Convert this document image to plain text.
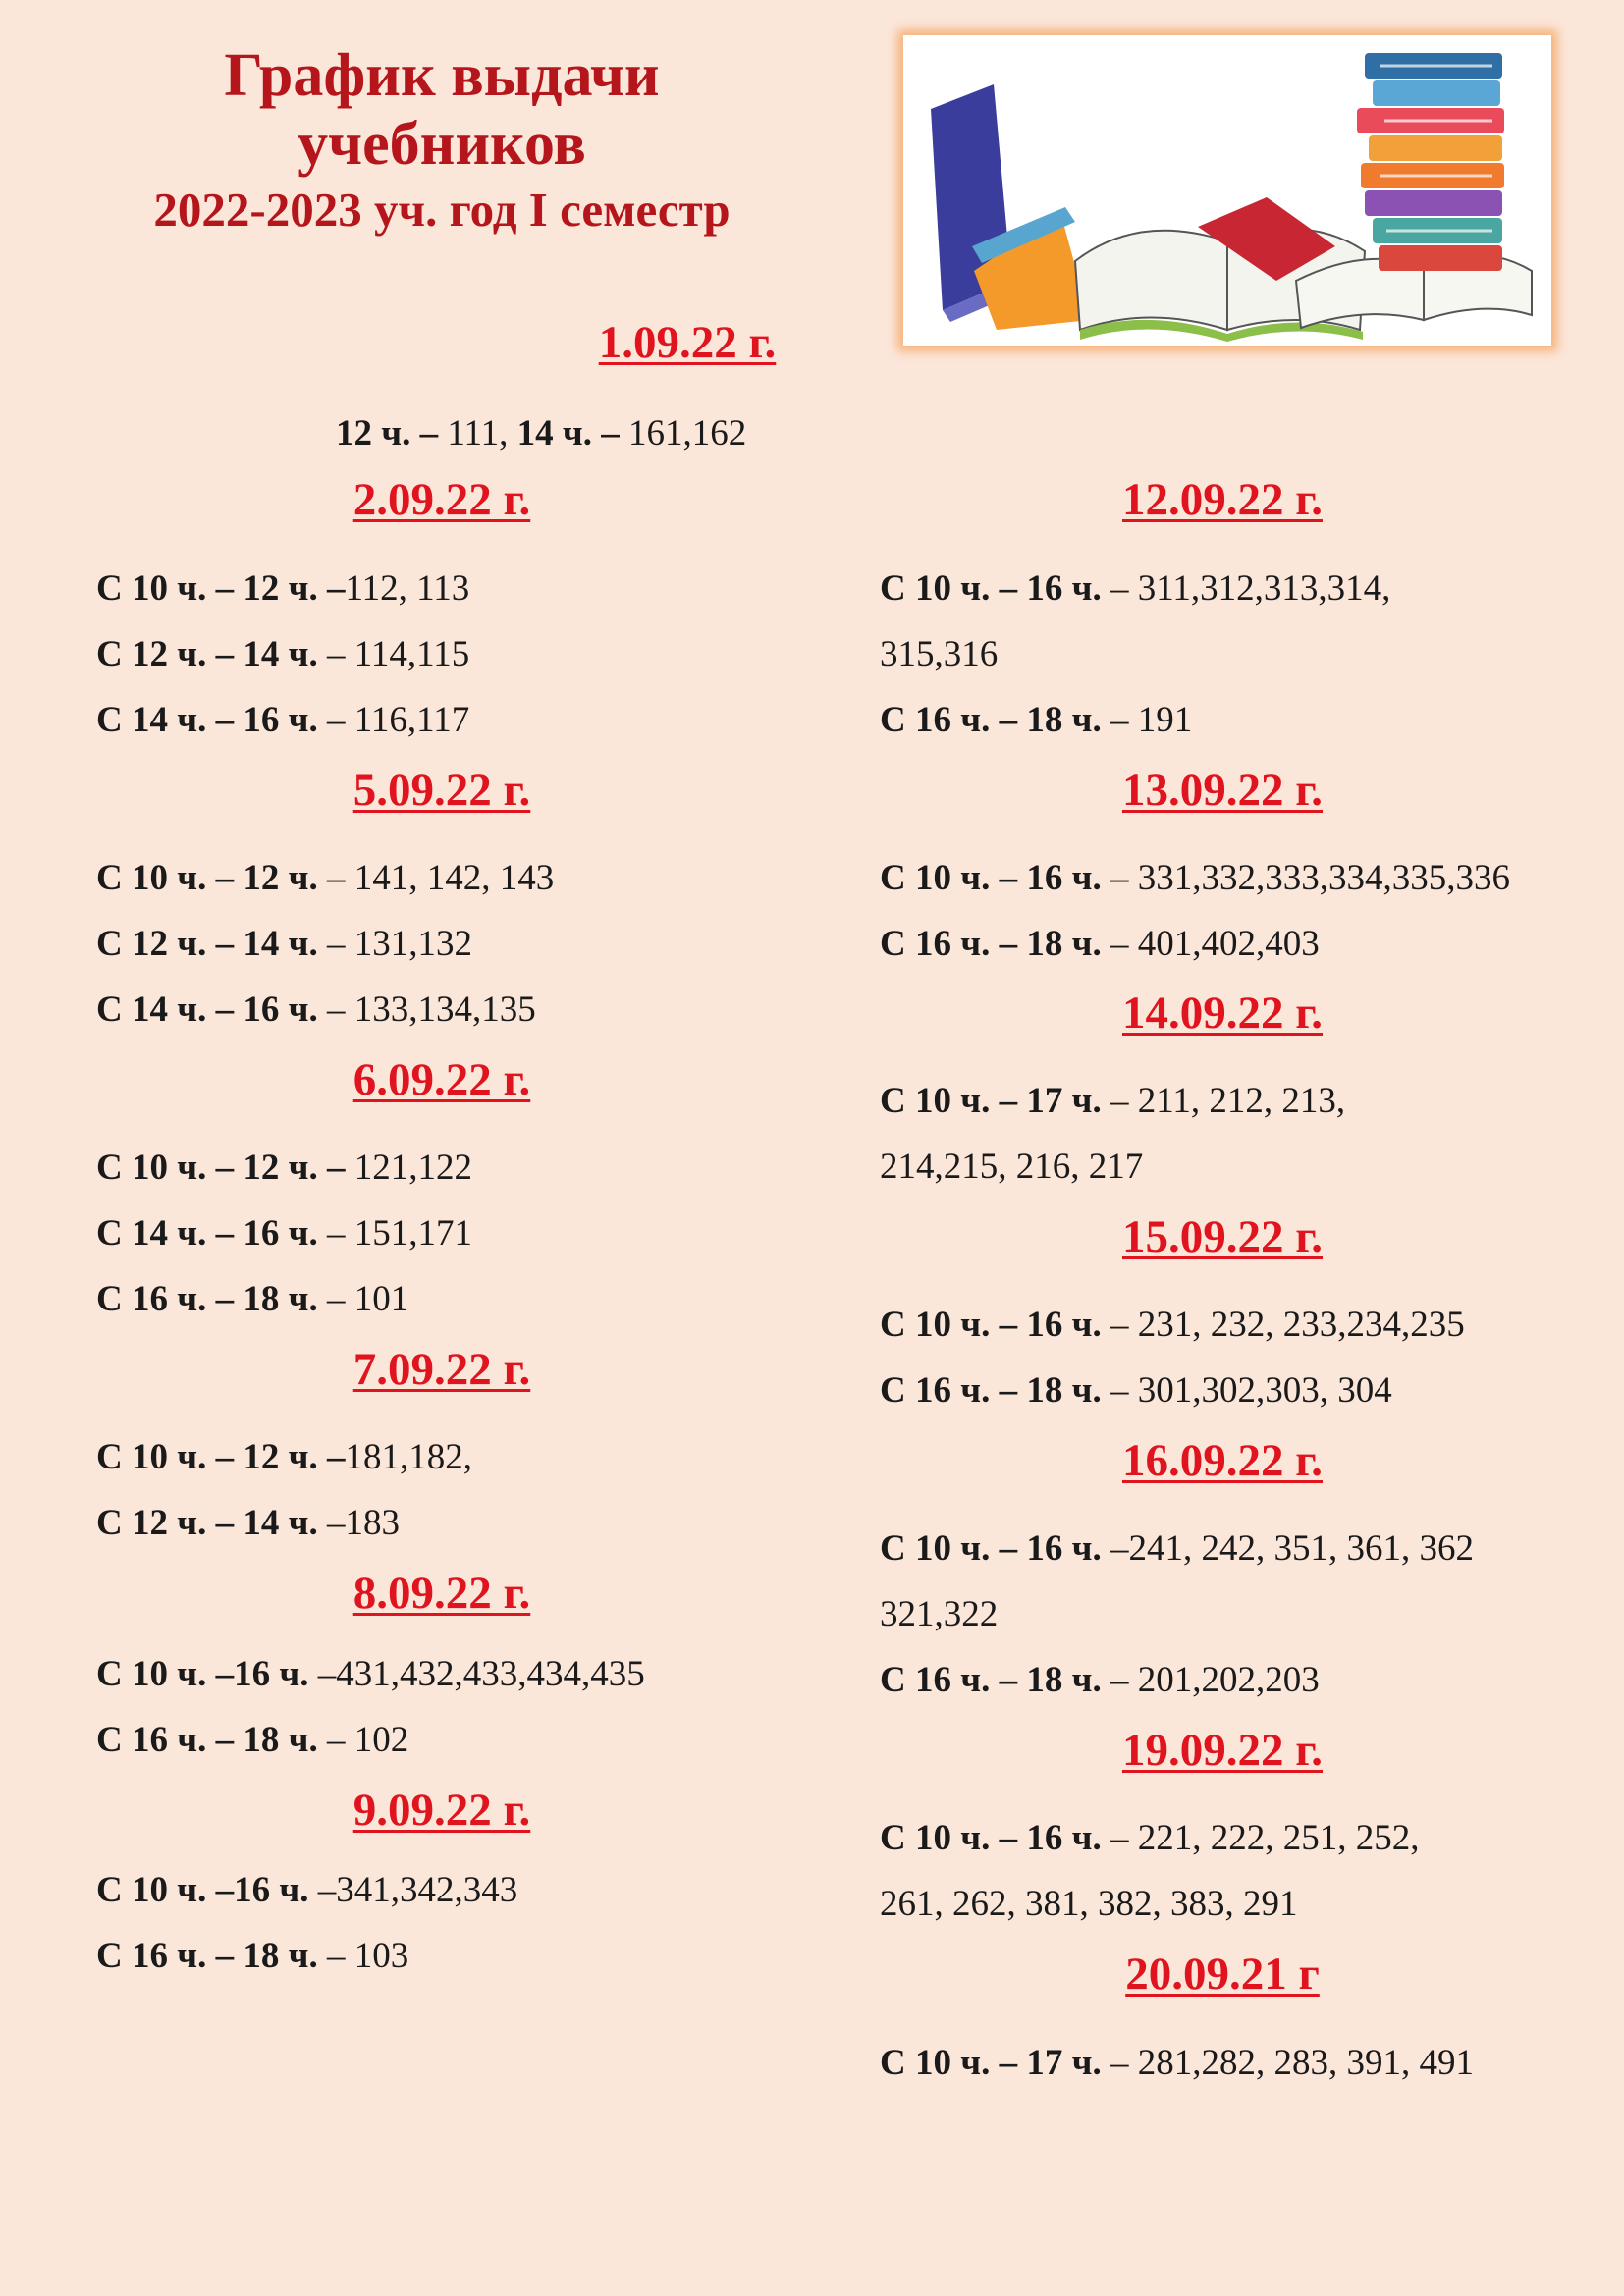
График выдачи
учебников
2022-2023 уч. год I семестр
1.09.22 г.
12 ч. – 111, 14 ч. – 161,162
2.09.22 г.
С 10 ч. – 12 ч. –112, 113
С 12 ч. – 14 ч. – 114,115
С 14 ч. – 16 ч. – 116,117
5.09.22 г.
С 10 ч. – 12 ч. – 141, 142, 143
С 12 ч. – 14 ч. – 131,132
С 14 ч. – 16 ч. – 133,134,135
6.09.22 г.
С 10 ч. – 12 ч. – 121,122
С 14 ч. – 16 ч. – 151,171
С 16 ч. – 18 ч. – 101
7.09.22 г.
С 10 ч. – 12 ч. –181,182,
С 12 ч. – 14 ч. –183
8.09.22 г.
С 10 ч. –16 ч. –431,432,433,434,435
С 16 ч. – 18 ч. – 102
9.09.22 г.
С 10 ч. –16 ч. –341,342,343
С 16 ч. – 18 ч. – 103
12.09.22 г.
С 10 ч. – 16 ч. – 311,312,313,314,
315,316
С 16 ч. – 18 ч. – 191
13.09.22 г.
С 10 ч. – 16 ч. – 331,332,333,334,335,336
С 16 ч. – 18 ч. – 401,402,403
14.09.22 г.
С 10 ч. – 17 ч. – 211, 212, 213,
214,215, 216, 217
15.09.22 г.
С 10 ч. – 16 ч. – 231, 232, 233,234,235
С 16 ч. – 18 ч. – 301,302,303, 304
16.09.22 г.
С 10 ч. – 16 ч. –241, 242, 351, 361, 362
321,322
С 16 ч. – 18 ч. – 201,202,203
19.09.22 г.
С 10 ч. – 16 ч. – 221, 222, 251, 252,
261, 262, 381, 382, 383, 291
20.09.21 г
С 10 ч. – 17 ч. – 281,282, 283, 391, 491
